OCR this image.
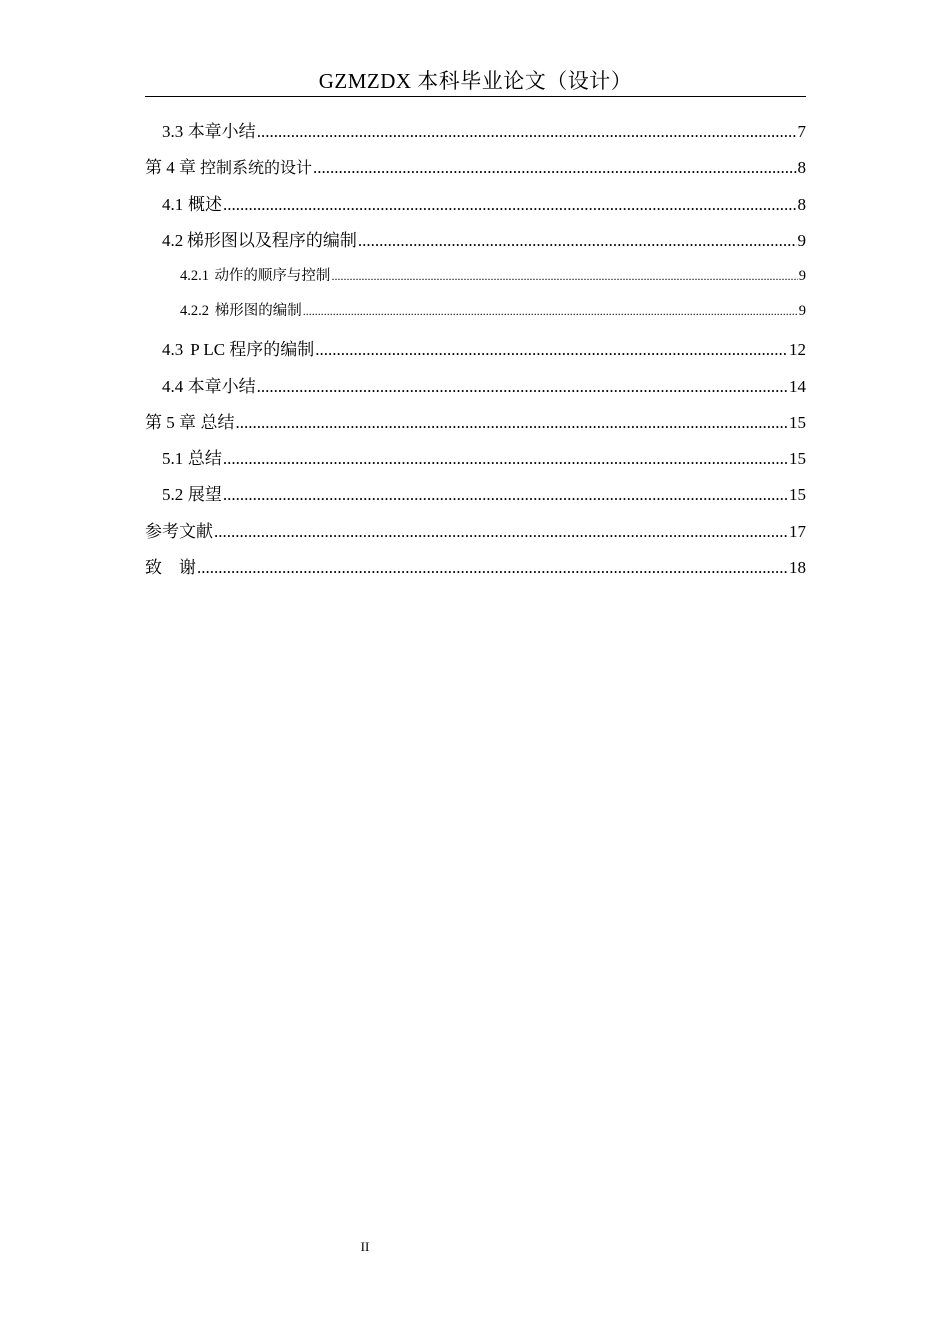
GZMZDX 本科毕业论文（设计）
3.3 本章小结 .....	7
第 4 章 控制系统的设计 .....	8
4.1 概述 .....	8
4.2 梯形图以及程序的编制 .....	9
4.2.1 动作的顺序与控制 .....	9
4.2.2 梯形图的编制 .....	9
4.3 P LC 程序的编制 .....	12
4.4 本章小结 .....	14
第 5 章 总结 .....	15
5.1 总结 .....	15
5.2 展望 .....	15
参考文献 .....	17
致　谢 .....	18
II
